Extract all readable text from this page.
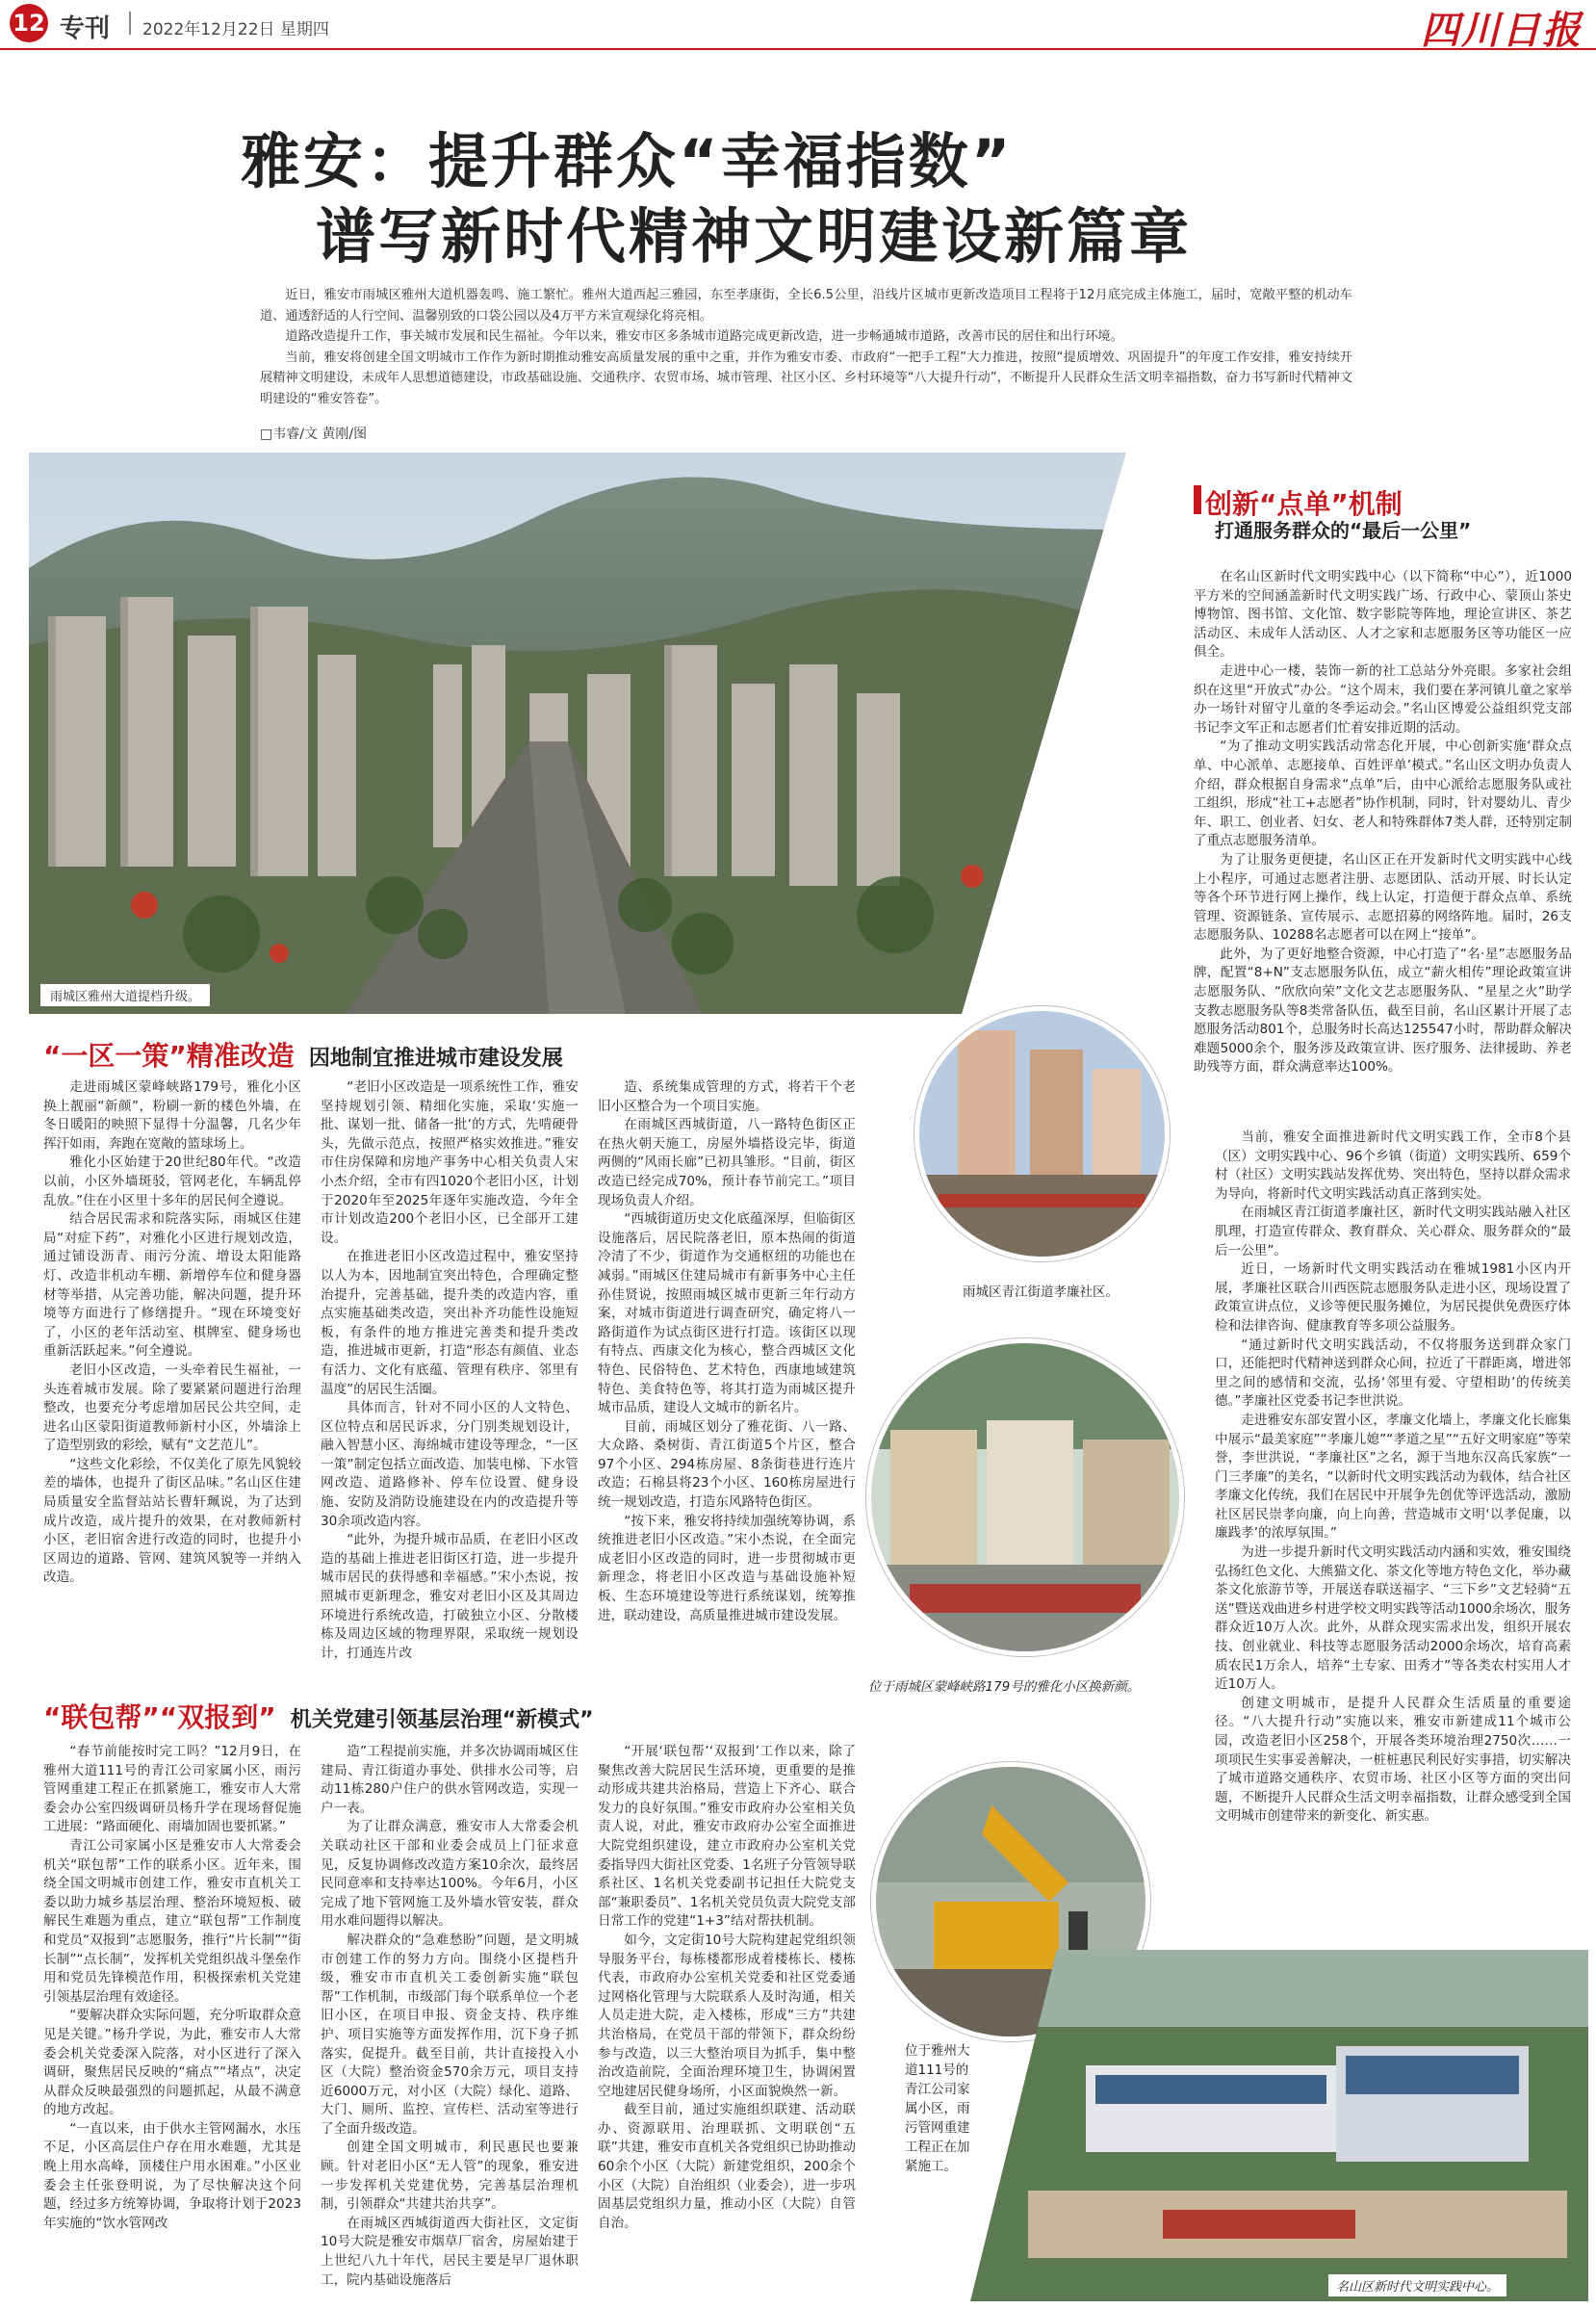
12 专刊 2022年12月22日 星期四	四川日报
雅安：提升群众“幸福指数”
谱写新时代精神文明建设新篇章

近日，雅安市雨城区雅州大道机器轰鸣、施工繁忙。雅州大道西起三雅园，东至孝康街，全长6.5公里，沿线片区城市更新改造项目工程将于12月底完成主体施工，届时，宽敞平整的机动车道、通透舒适的人行空间、温馨别致的口袋公园以及4万平方米宣观绿化将亮相。

道路改造提升工作，事关城市发展和民生福祉。今年以来，雅安市区多条城市道路完成更新改造，进一步畅通城市道路，改善市民的居住和出行环境。

当前，雅安将创建全国文明城市工作作为新时期推动雅安高质量发展的重中之重，并作为雅安市委、市政府“一把手工程”大力推进，按照“提质增效、巩固提升”的年度工作安排，雅安持续开展精神文明建设，未成年人思想道德建设，市政基础设施、交通秩序、农贸市场、城市管理、社区小区、乡村环境等“八大提升行动”，不断提升人民群众生活文明幸福指数，奋力书写新时代精神文明建设的“雅安答卷”。

□韦睿/文 黄刚/图
雨城区雅州大道提档升级。
雨城区青江街道孝廉社区。
位于雨城区蒙峰峡路179号的雅化小区换新颜。
位于雅州大道111号的青江公司家属小区，雨污管网重建工程正在加紧施工。
名山区新时代文明实践中心。
创新“点单”机制
打通服务群众的“最后一公里”

在名山区新时代文明实践中心（以下简称“中心”），近1000平方米的空间涵盖新时代文明实践广场、行政中心、蒙顶山茶史博物馆、图书馆、文化馆、数字影院等阵地，理论宣讲区、茶艺活动区、未成年人活动区、人才之家和志愿服务区等功能区一应俱全。

走进中心一楼，装饰一新的社工总站分外亮眼。多家社会组织在这里“开放式”办公。“这个周末，我们要在茅河镇儿童之家举办一场针对留守儿童的冬季运动会。”名山区博爱公益组织党支部书记李文军正和志愿者们忙着安排近期的活动。

“为了推动文明实践活动常态化开展，中心创新实施‘群众点单、中心派单、志愿接单、百姓评单’模式。”名山区文明办负责人介绍，群众根据自身需求“点单”后，由中心派给志愿服务队或社工组织，形成“社工+志愿者”协作机制，同时，针对婴幼儿、青少年、职工、创业者、妇女、老人和特殊群体7类人群，还特别定制了重点志愿服务清单。

为了让服务更便捷，名山区正在开发新时代文明实践中心线上小程序，可通过志愿者注册、志愿团队、活动开展、时长认定等各个环节进行网上操作，线上认定，打造便于群众点单、系统管理、资源链条、宣传展示、志愿招募的网络阵地。届时，26支志愿服务队、10288名志愿者可以在网上“接单”。

此外，为了更好地整合资源，中心打造了“名·星”志愿服务品牌，配置“8+N”支志愿服务队伍，成立“薪火相传”理论政策宣讲志愿服务队、“欣欣向荣”文化文艺志愿服务队、“星星之火”助学支教志愿服务队等8类常备队伍，截至目前，名山区累计开展了志愿服务活动801个，总服务时长高达125547小时，帮助群众解决难题5000余个，服务涉及政策宣讲、医疗服务、法律援助、养老助残等方面，群众满意率达100%。

当前，雅安全面推进新时代文明实践工作，全市8个县（区）文明实践中心、96个乡镇（街道）文明实践所、659个村（社区）文明实践站发挥优势、突出特色，坚持以群众需求为导向，将新时代文明实践活动真正落到实处。

在雨城区青江街道孝廉社区，新时代文明实践站融入社区肌理，打造宣传群众、教育群众、关心群众、服务群众的“最后一公里”。

近日，一场新时代文明实践活动在雅城1981小区内开展，孝廉社区联合川西医院志愿服务队走进小区，现场设置了政策宣讲点位，义诊等便民服务摊位，为居民提供免费医疗体检和法律咨询、健康教育等多项公益服务。

“通过新时代文明实践活动，不仅将服务送到群众家门口，还能把时代精神送到群众心间，拉近了干群距离，增进邻里之间的感情和交流，弘扬‘邻里有爱、守望相助’的传统美德。”孝廉社区党委书记李世洪说。

走进雅安东部安置小区，孝廉文化墙上，孝廉文化长廊集中展示“最美家庭”“孝廉儿媳”“孝道之星”“五好文明家庭”等荣誉，李世洪说，“孝廉社区”之名，源于当地东汉高氏家族“一门三孝廉”的美名，“以新时代文明实践活动为载体，结合社区孝廉文化传统，我们在居民中开展争先创优等评选活动，激励社区居民崇孝向廉，向上向善，营造城市文明‘以孝促廉，以廉践孝’的浓厚氛围。”

为进一步提升新时代文明实践活动内涵和实效，雅安围绕弘扬红色文化、大熊猫文化、茶文化等地方特色文化，举办藏茶文化旅游节等，开展送春联送福字、“三下乡”文艺轻骑“五送”暨送戏曲进乡村进学校文明实践等活动1000余场次，服务群众近10万人次。此外，从群众现实需求出发，组织开展农技、创业就业、科技等志愿服务活动2000余场次，培育高素质农民1万余人，培养“土专家、田秀才”等各类农村实用人才近10万人。

创建文明城市，是提升人民群众生活质量的重要途径。“八大提升行动”实施以来，雅安市新建成11个城市公园，改造老旧小区258个，开展各类环境治理2750次……一项项民生实事妥善解决，一桩桩惠民利民好实事措，切实解决了城市道路交通秩序、农贸市场、社区小区等方面的突出问题，不断提升人民群众生活文明幸福指数，让群众感受到全国文明城市创建带来的新变化、新实惠。

“一区一策”精准改造 因地制宜推进城市建设发展

走进雨城区蒙峰峡路179号，雅化小区换上靓丽“新颜”，粉刷一新的楼色外墙，在冬日暖阳的映照下显得十分温馨，几名少年挥汗如雨，奔跑在宽敞的篮球场上。

雅化小区始建于20世纪80年代。“改造以前，小区外墙斑驳，管网老化，车辆乱停乱放。”住在小区里十多年的居民何全遵说。

结合居民需求和院落实际，雨城区住建局“对症下药”，对雅化小区进行规划改造，通过铺设沥青、雨污分流、增设太阳能路灯、改造非机动车棚、新增停车位和健身器材等举措，从完善功能，解决问题，提升环境等方面进行了修缮提升。“现在环境变好了，小区的老年活动室、棋牌室、健身场也重新活跃起来。”何全遵说。

老旧小区改造，一头牵着民生福祉，一头连着城市发展。除了要紧紧问题进行治理整改，也要充分考虑增加居民公共空间，走进名山区蒙阳街道教师新村小区，外墙涂上了造型别致的彩绘，赋有“文艺范儿”。

“这些文化彩绘，不仅美化了原先风貌较差的墙体，也提升了街区品味。”名山区住建局质量安全监督站站长曹轩珮说，为了达到成片改造，成片提升的效果，在对教师新村小区，老旧宿舍进行改造的同时，也提升小区周边的道路、管网、建筑风貌等一并纳入改造。

“老旧小区改造是一项系统性工作，雅安坚持规划引领、精细化实施，采取‘实施一批、谋划一批、储备一批’的方式，先啃硬骨头，先做示范点，按照严格实效推进。”雅安市住房保障和房地产事务中心相关负责人宋小杰介绍，全市有四1020个老旧小区，计划于2020年至2025年逐年实施改造，今年全市计划改造200个老旧小区，已全部开工建设。

在推进老旧小区改造过程中，雅安坚持以人为本，因地制宜突出特色，合理确定整治提升，完善基础，提升类的改造内容，重点实施基础类改造，突出补齐功能性设施短板，有条件的地方推进完善类和提升类改造，推进城市更新，打造“形态有颜值、业态有活力、文化有底蕴、管理有秩序、邻里有温度”的居民生活圈。

具体而言，针对不同小区的人文特色、区位特点和居民诉求，分门别类规划设计，融入智慧小区、海绵城市建设等理念，“一区一策”制定包括立面改造、加装电梯、下水管网改造、道路修补、停车位设置、健身设施、安防及消防设施建设在内的改造提升等30余项改造内容。

“此外，为提升城市品质，在老旧小区改造的基础上推进老旧街区打造，进一步提升城市居民的获得感和幸福感。”宋小杰说，按照城市更新理念，雅安对老旧小区及其周边环境进行系统改造，打破独立小区、分散楼栋及周边区域的物理界限，采取统一规划设计，打通连片改

造、系统集成管理的方式，将若干个老旧小区整合为一个项目实施。

在雨城区西城街道，八一路特色街区正在热火朝天施工，房屋外墙搭设完毕，街道两侧的“风雨长廊”已初具雏形。“目前，街区改造已经完成70%，预计春节前完工。”项目现场负责人介绍。

“西城街道历史文化底蕴深厚，但临街区设施落后，居民院落老旧，原本热闹的街道冷清了不少，街道作为交通枢纽的功能也在减弱。”雨城区住建局城市有新事务中心主任孙佳贤说，按照雨城区城市更新三年行动方案，对城市街道进行调查研究，确定将八一路街道作为试点街区进行打造。该街区以现有特点、西康文化为核心，整合西城区文化特色、民俗特色、艺术特色，西康地域建筑特色、美食特色等，将其打造为雨城区提升城市品质，建设人文城市的新名片。

目前，雨城区划分了雅花街、八一路、大众路、桑树街、青江街道5个片区，整合97个小区、294栋房屋、8条街巷进行连片改造；石棉县将23个小区、160栋房屋进行统一规划改造，打造东风路特色街区。

“按下来，雅安将持续加强统筹协调，系统推进老旧小区改造。”宋小杰说，在全面完成老旧小区改造的同时，进一步贯彻城市更新理念，将老旧小区改造与基础设施补短板、生态环境建设等进行系统谋划，统筹推进，联动建设，高质量推进城市建设发展。

“联包帮”“双报到” 机关党建引领基层治理“新模式”

“春节前能按时完工吗？”12月9日，在雅州大道111号的青江公司家属小区，雨污管网重建工程正在抓紧施工，雅安市人大常委会办公室四级调研员杨升学在现场督促施工进展：“路面硬化、雨墙加固也要抓紧。”

青江公司家属小区是雅安市人大常委会机关“联包帮”工作的联系小区。近年来，围绕全国文明城市创建工作，雅安市直机关工委以助力城乡基层治理、整治环境短板、破解民生难题为重点，建立“联包帮”工作制度和党员“双报到”志愿服务，推行“片长制”“街长制”“点长制”，发挥机关党组织战斗堡垒作用和党员先锋模范作用，积极探索机关党建引领基层治理有效途径。

“要解决群众实际问题，充分听取群众意见是关键。”杨升学说，为此，雅安市人大常委会机关党委深入院落，对小区进行了深入调研，聚焦居民反映的“痛点”“堵点”，决定从群众反映最强烈的问题抓起，从最不满意的地方改起。

“一直以来，由于供水主管网漏水，水压不足，小区高层住户存在用水难题，尤其是晚上用水高峰，顶楼住户用水困难。”小区业委会主任张登明说，为了尽快解决这个问题，经过多方统筹协调，争取将计划于2023年实施的“饮水管网改

造”工程提前实施，并多次协调雨城区住建局、青江街道办事处、供排水公司等，启动11栋280户住户的供水管网改造，实现一户一表。

为了让群众满意，雅安市人大常委会机关联动社区干部和业委会成员上门征求意见，反复协调修改改造方案10余次，最终居民同意率和支持率达100%。今年6月，小区完成了地下管网施工及外墙水管安装，群众用水难问题得以解决。

解决群众的“急难愁盼”问题，是文明城市创建工作的努力方向。围绕小区提档升级，雅安市市直机关工委创新实施“联包帮”工作机制，市级部门每个联系单位一个老旧小区，在项目申报、资金支持、秩序维护、项目实施等方面发挥作用，沉下身子抓落实，促提升。截至目前，共计直接投入小区（大院）整治资金570余万元，项目支持近6000万元，对小区（大院）绿化、道路、大门、厕所、监控、宣传栏、活动室等进行了全面升级改造。

创建全国文明城市，利民惠民也要兼顾。针对老旧小区“无人管”的现象，雅安进一步发挥机关党建优势，完善基层治理机制，引领群众“共建共治共享”。

在雨城区西城街道西大街社区，文定街10号大院是雅安市烟草厂宿舍，房屋始建于上世纪八九十年代，居民主要是早厂退休职工，院内基础设施落后

“开展‘联包帮’‘双报到’工作以来，除了聚焦改善大院居民生活环境，更重要的是推动形成共建共治格局，营造上下齐心、联合发力的良好氛围。”雅安市政府办公室相关负责人说，对此，雅安市政府办公室全面推进大院党组织建设，建立市政府办公室机关党委指导四大街社区党委、1名班子分管领导联系社区、1名机关党委副书记担任大院党支部“兼职委员”、1名机关党员负责大院党支部日常工作的党建“1+3”结对帮扶机制。

如今，文定街10号大院构建起党组织领导服务平台，每栋楼都形成着楼栋长、楼栋代表，市政府办公室机关党委和社区党委通过网格化管理与大院联系人及时沟通，相关人员走进大院，走入楼栋，形成“三方”共建共治格局，在党员干部的带领下，群众纷纷参与改造，以三大整治项目为抓手，集中整治改造前院，全面治理环境卫生，协调闲置空地建居民健身场所，小区面貌焕然一新。

截至目前，通过实施组织联建、活动联办、资源联用、治理联抓、文明联创“五联”共建，雅安市直机关各党组织已协助推动60余个小区（大院）新建党组织，200余个小区（大院）自治组织（业委会），进一步巩固基层党组织力量，推动小区（大院）自管自治。
